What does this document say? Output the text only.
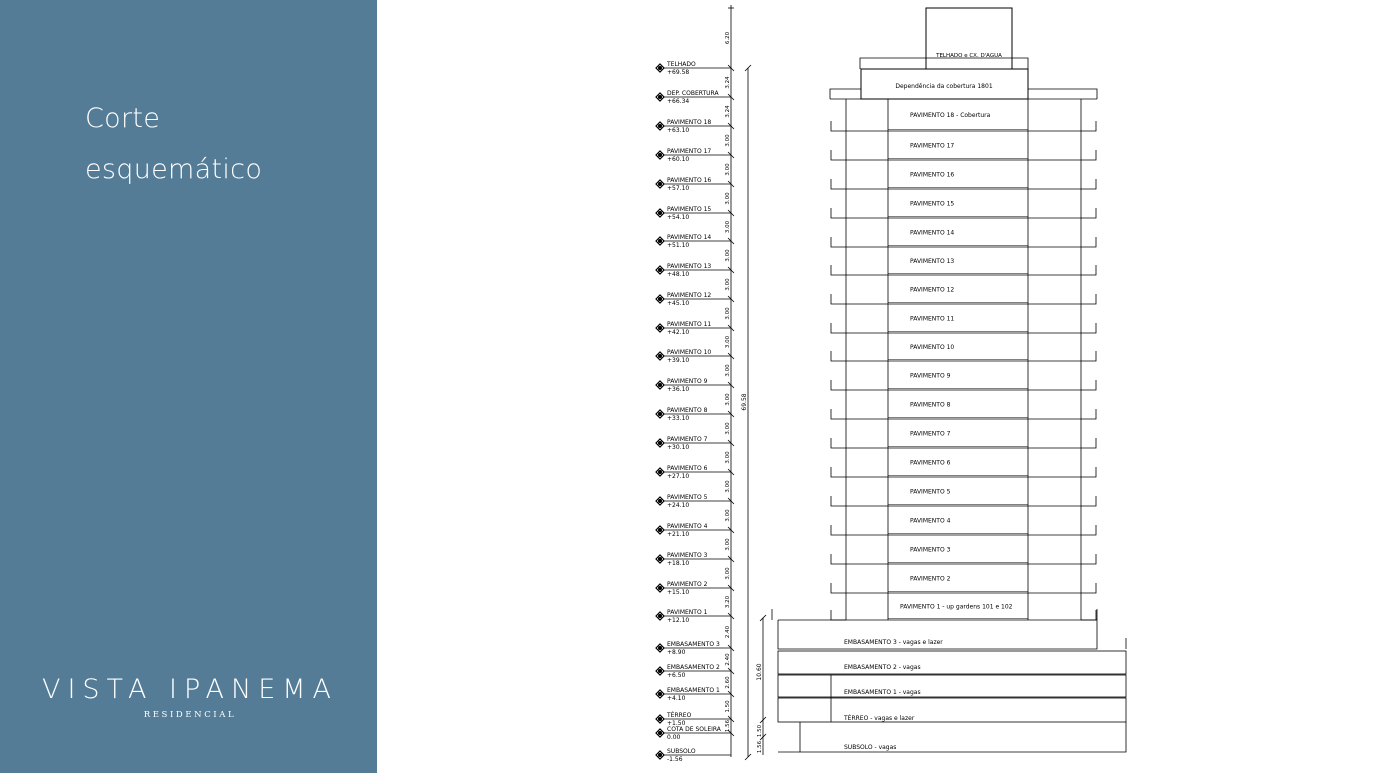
Corte
esquemático
VISTA IPANEMA
RESIDENCIAL
TELHADO
+69.58
DEP. COBERTURA
+66.34
PAVIMENTO 18
+63.10
PAVIMENTO 17
+60.10
PAVIMENTO 16
+57.10
PAVIMENTO 15
+54.10
PAVIMENTO 14
+51.10
PAVIMENTO 13
+48.10
PAVIMENTO 12
+45.10
PAVIMENTO 11
+42.10
PAVIMENTO 10
+39.10
PAVIMENTO 9
+36.10
PAVIMENTO 8
+33.10
PAVIMENTO 7
+30.10
PAVIMENTO 6
+27.10
PAVIMENTO 5
+24.10
PAVIMENTO 4
+21.10
PAVIMENTO 3
+18.10
PAVIMENTO 2
+15.10
PAVIMENTO 1
+12.10
EMBASAMENTO 3
+8.90
EMBASAMENTO 2
+6.50
EMBASAMENTO 1
+4.10
TÉRREO
+1.50
COTA DE SOLEIRA
0.00
SUBSOLO
-1.56
6.20
3.24
3.24
3.00
3.00
3.00
3.00
3.00
3.00
3.00
3.00
3.00
3.00
3.00
3.00
3.00
3.00
3.00
3.00
3.20
2.40
2.40
2.60
1.50
1.56
69.58
10.60
1.50
1.56
TELHADO e CX. D'AGUA
Dependência da cobertura 1801
PAVIMENTO 18 - Cobertura
PAVIMENTO 17
PAVIMENTO 16
PAVIMENTO 15
PAVIMENTO 14
PAVIMENTO 13
PAVIMENTO 12
PAVIMENTO 11
PAVIMENTO 10
PAVIMENTO 9
PAVIMENTO 8
PAVIMENTO 7
PAVIMENTO 6
PAVIMENTO 5
PAVIMENTO 4
PAVIMENTO 3
PAVIMENTO 2
PAVIMENTO 1 - up gardens 101 e 102
EMBASAMENTO 3 - vagas e lazer
EMBASAMENTO 2 - vagas
EMBASAMENTO 1 - vagas
TÉRREO - vagas e lazer
SUBSOLO - vagas
